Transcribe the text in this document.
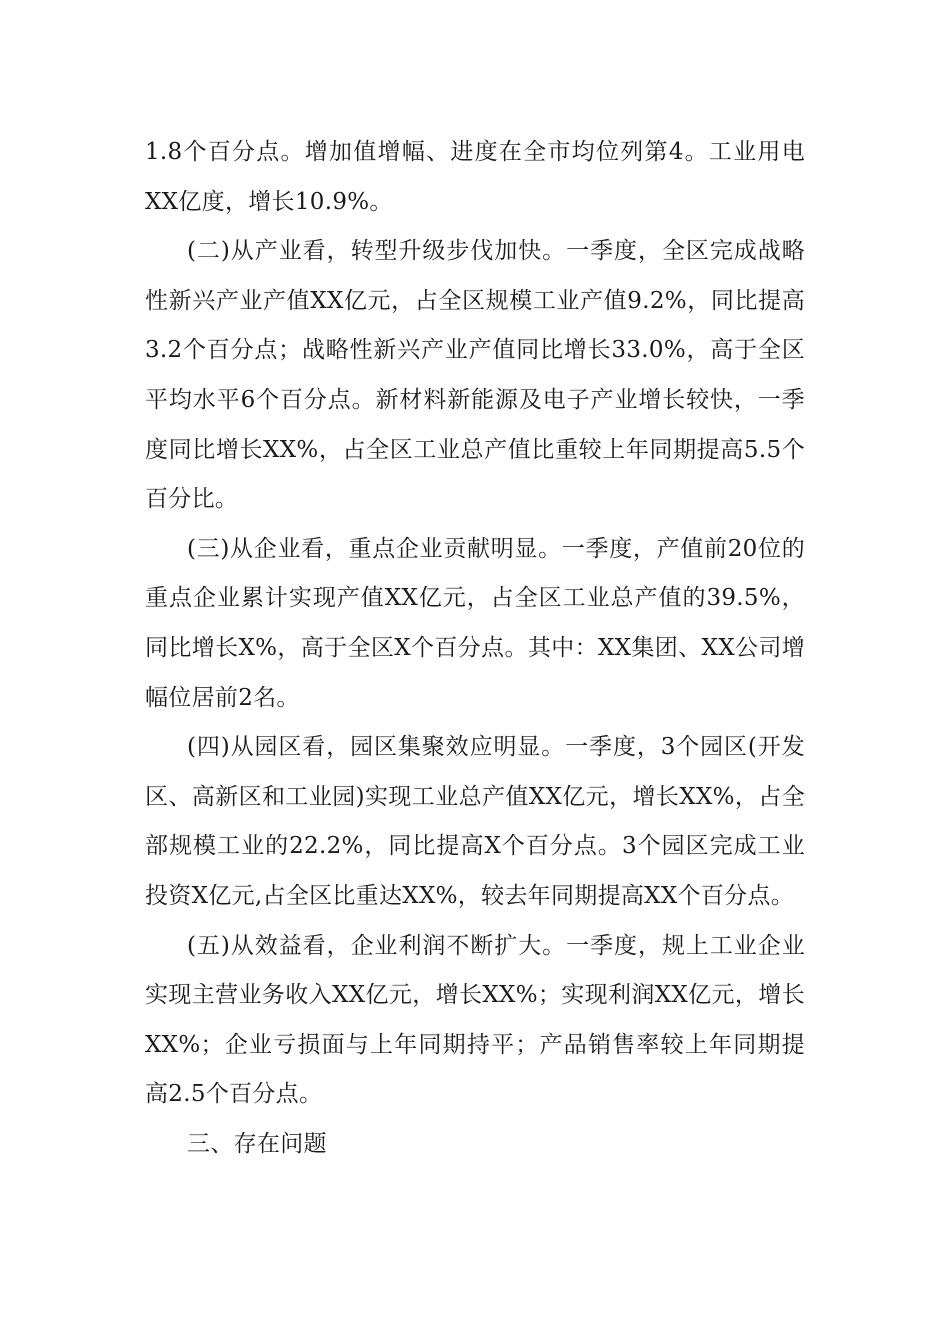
1.8个百分点。增加值增幅、进度在全市均位列第4。工业用电XX亿度，增长10.9%。

(二)从产业看，转型升级步伐加快。一季度，全区完成战略性新兴产业产值XX亿元，占全区规模工业产值9.2%，同比提高3.2个百分点；战略性新兴产业产值同比增长33.0%，高于全区平均水平6个百分点。新材料新能源及电子产业增长较快，一季度同比增长XX%，占全区工业总产值比重较上年同期提高5.5个百分比。

(三)从企业看，重点企业贡献明显。一季度，产值前20位的重点企业累计实现产值XX亿元，占全区工业总产值的39.5%，同比增长X%，高于全区X个百分点。其中：XX集团、XX公司增幅位居前2名。

(四)从园区看，园区集聚效应明显。一季度，3个园区(开发区、高新区和工业园)实现工业总产值XX亿元，增长XX%，占全部规模工业的22.2%，同比提高X个百分点。3个园区完成工业投资X亿元,占全区比重达XX%，较去年同期提高XX个百分点。

(五)从效益看，企业利润不断扩大。一季度，规上工业企业实现主营业务收入XX亿元，增长XX%；实现利润XX亿元，增长XX%；企业亏损面与上年同期持平；产品销售率较上年同期提高2.5个百分点。

三、存在问题
